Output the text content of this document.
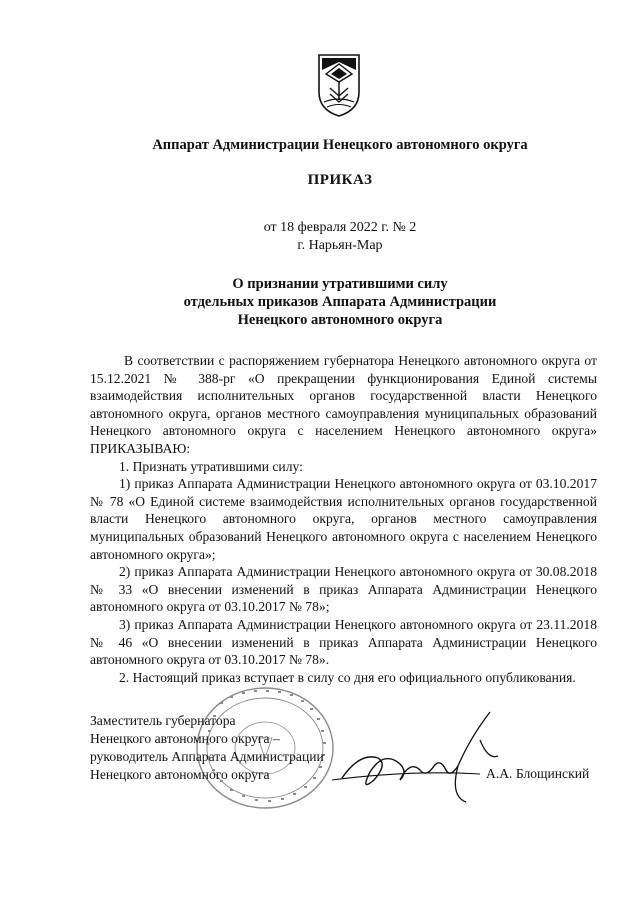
Аппарат Администрации Ненецкого автономного округа
ПРИКАЗ
от 18 февраля 2022 г. № 2
г. Нарьян-Мар
О признании утратившими силу
отдельных приказов Аппарата Администрации
Ненецкого автономного округа

В соответствии с распоряжением губернатора Ненецкого автономного округа от 15.12.2021 № 388-рг «О прекращении функционирования Единой системы взаимодействия исполнительных органов государственной власти Ненецкого автономного округа, органов местного самоуправления муниципальных образований Ненецкого автономного округа с населением Ненецкого автономного округа» ПРИКАЗЫВАЮ:

1. Признать утратившими силу:

1) приказ Аппарата Администрации Ненецкого автономного округа от 03.10.2017 № 78 «О Единой системе взаимодействия исполнительных органов государственной власти Ненецкого автономного округа, органов местного самоуправления муниципальных образований Ненецкого автономного округа с населением Ненецкого автономного округа»;

2) приказ Аппарата Администрации Ненецкого автономного округа от 30.08.2018 № 33 «О внесении изменений в приказ Аппарата Администрации Ненецкого автономного округа от 03.10.2017 № 78»;

3) приказ Аппарата Администрации Ненецкого автономного округа от 23.11.2018 № 46 «О внесении изменений в приказ Аппарата Администрации Ненецкого автономного округа от 03.10.2017 № 78».

2. Настоящий приказ вступает в силу со дня его официального опубликования.

Заместитель губернатора
Ненецкого автономного округа –
руководитель Аппарата Администрации
Ненецкого автономного округа	А.А. Блощинский
